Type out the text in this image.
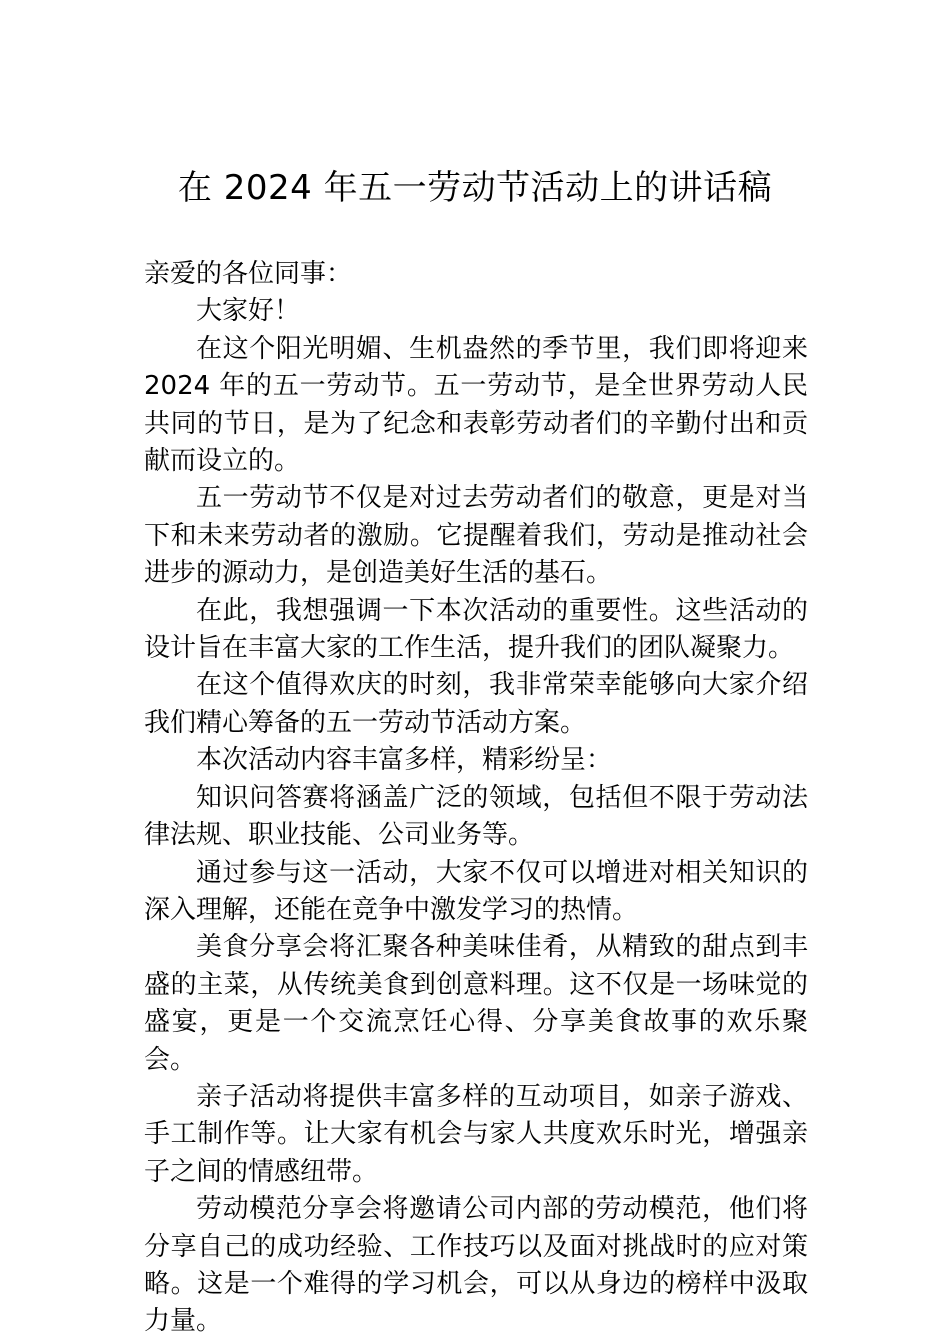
在 2024 年五一劳动节活动上的讲话稿

亲爱的各位同事：

大家好！

在这个阳光明媚、生机盎然的季节里，我们即将迎来 2024 年的五一劳动节。五一劳动节，是全世界劳动人民共同的节日，是为了纪念和表彰劳动者们的辛勤付出和贡献而设立的。

五一劳动节不仅是对过去劳动者们的敬意，更是对当下和未来劳动者的激励。它提醒着我们，劳动是推动社会进步的源动力，是创造美好生活的基石。

在此，我想强调一下本次活动的重要性。这些活动的设计旨在丰富大家的工作生活，提升我们的团队凝聚力。

在这个值得欢庆的时刻，我非常荣幸能够向大家介绍我们精心筹备的五一劳动节活动方案。

本次活动内容丰富多样，精彩纷呈：

知识问答赛将涵盖广泛的领域，包括但不限于劳动法律法规、职业技能、公司业务等。

通过参与这一活动，大家不仅可以增进对相关知识的深入理解，还能在竞争中激发学习的热情。

美食分享会将汇聚各种美味佳肴，从精致的甜点到丰盛的主菜，从传统美食到创意料理。这不仅是一场味觉的盛宴，更是一个交流烹饪心得、分享美食故事的欢乐聚会。

亲子活动将提供丰富多样的互动项目，如亲子游戏、手工制作等。让大家有机会与家人共度欢乐时光，增强亲子之间的情感纽带。

劳动模范分享会将邀请公司内部的劳动模范，他们将分享自己的成功经验、工作技巧以及面对挑战时的应对策略。这是一个难得的学习机会，可以从身边的榜样中汲取力量。
